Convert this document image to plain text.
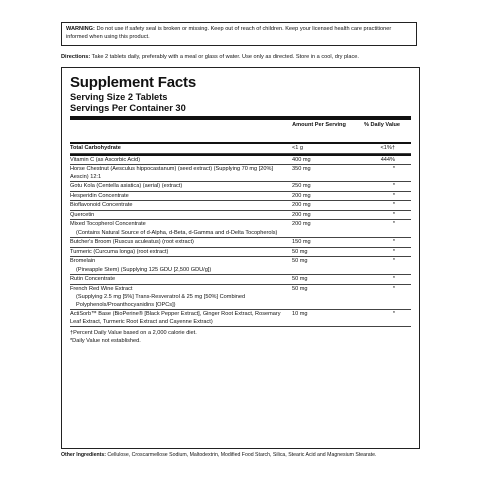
WARNING: Do not use if safety seal is broken or missing. Keep out of reach of children. Keep your licensed health care practitioner informed when using this product.
Directions: Take 2 tablets daily, preferably with a meal or glass of water. Use only as directed. Store in a cool, dry place.
Supplement Facts
Serving Size 2 Tablets
Servings Per Container 30
Amount Per Serving	% Daily Value
Total Carbohydrate	<1 g	<1%†
Vitamin C (as Ascorbic Acid)	400 mg	444%
Horse Chestnut (Aesculus hippocastanum) (seed extract) (Supplying 70 mg [20%] Aescin) 12:1
350 mg	*
Gotu Kola (Centella asiatica) (aerial) (extract)	250 mg	*
Hesperidin Concentrate	200 mg	*
Bioflavonoid Concentrate	200 mg	*
Quercetin	200 mg	*
Mixed Tocopherol Concentrate
(Contains Natural Source of d-Alpha, d-Beta, d-Gamma and d-Delta Tocopherols)
200 mg	*
Butcher's Broom (Ruscus aculeatus) (root extract)	150 mg	*
Turmeric (Curcuma longa) (root extract)	50 mg	*
Bromelain
(Pineapple Stem) (Supplying 125 GDU [2,500 GDU/g])
50 mg	*
Rutin Concentrate	50 mg	*
French Red Wine Extract
(Supplying 2.5 mg [5%] Trans-Resveratrol & 25 mg [50%] Combined Polyphenols/Proanthocyanidins [OPCs])
50 mg	*
ActiSorb™ Base (BioPerine® [Black Pepper Extract], Ginger Root Extract, Rosemary Leaf Extract, Turmeric Root Extract and Cayenne Extract)
10 mg	*
†Percent Daily Value based on a 2,000 calorie diet.
*Daily Value not established.
Other Ingredients: Cellulose, Croscarmellose Sodium, Maltodextrin, Modified Food Starch, Silica, Stearic Acid and Magnesium Stearate.
